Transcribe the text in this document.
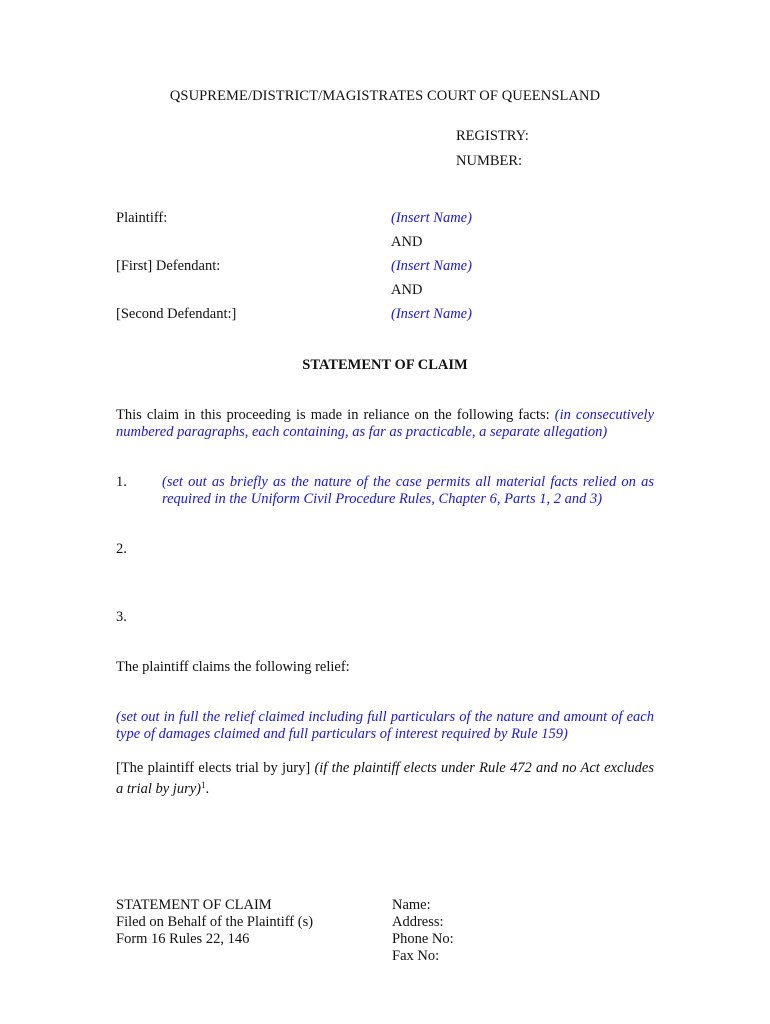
QSUPREME/DISTRICT/MAGISTRATES COURT OF QUEENSLAND
REGISTRY:
NUMBER:
Plaintiff:	(Insert Name)
AND
[First] Defendant:	(Insert Name)
AND
[Second Defendant:]	(Insert Name)
STATEMENT OF CLAIM
This claim in this proceeding is made in reliance on the following facts: (in consecutively numbered paragraphs, each containing, as far as practicable, a separate allegation)
1. (set out as briefly as the nature of the case permits all material facts relied on as required in the Uniform Civil Procedure Rules, Chapter 6, Parts 1, 2 and 3)
2.
3.
The plaintiff claims the following relief:
(set out in full the relief claimed including full particulars of the nature and amount of each type of damages claimed and full particulars of interest required by Rule 159)
[The plaintiff elects trial by jury] (if the plaintiff elects under Rule 472 and no Act excludes a trial by jury)$^1$.
STATEMENT OF CLAIM
Filed on Behalf of the Plaintiff (s)
Form 16 Rules 22, 146
Name:
Address:
Phone No:
Fax No:
